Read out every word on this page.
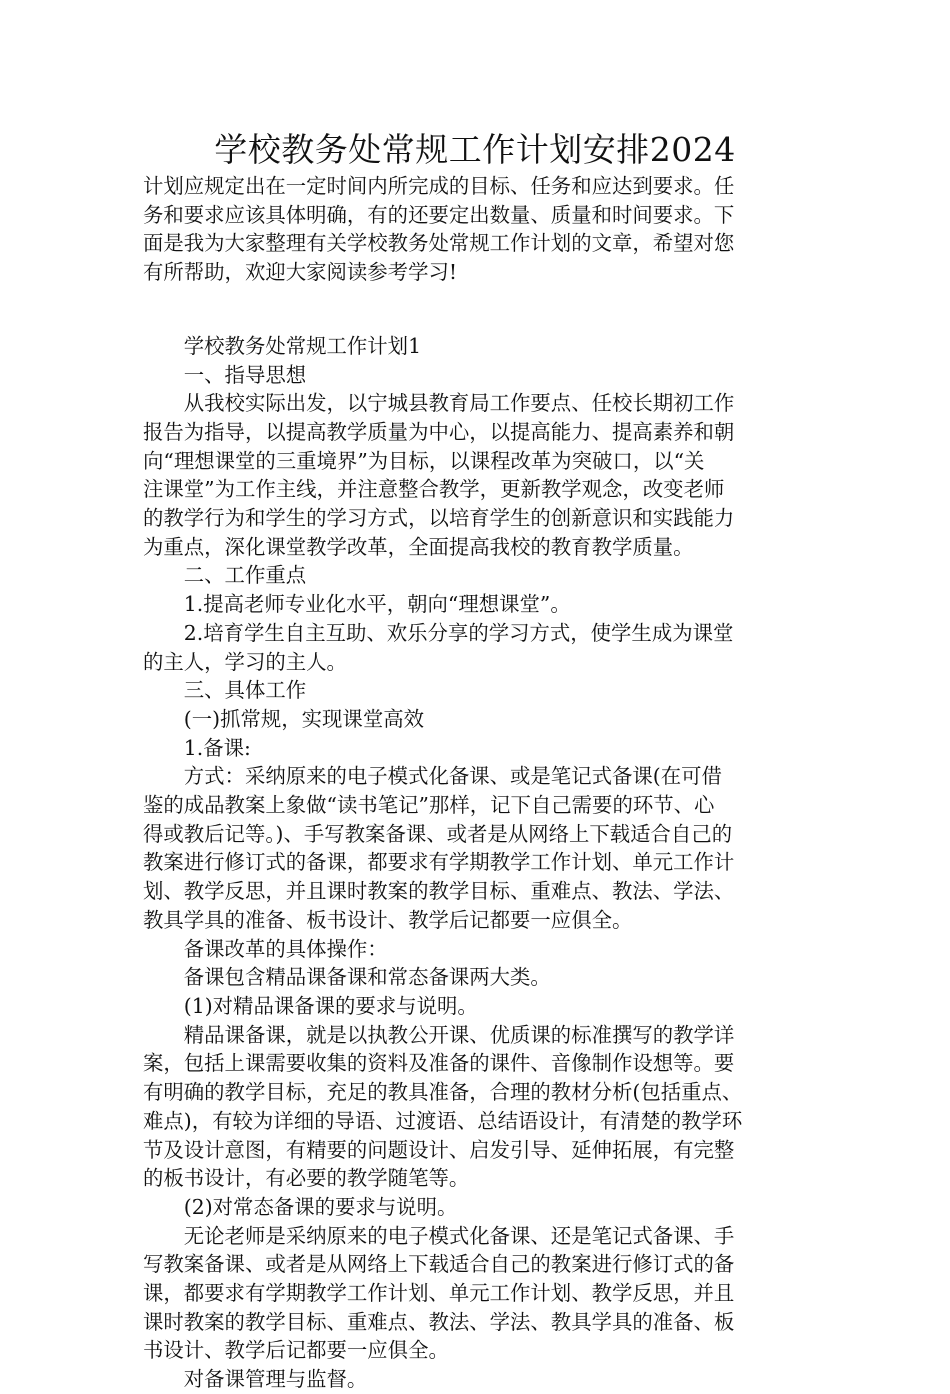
学校教务处常规工作计划安排2024
计划应规定出在一定时间内所完成的目标、任务和应达到要求。任
务和要求应该具体明确，有的还要定出数量、质量和时间要求。下
面是我为大家整理有关学校教务处常规工作计划的文章，希望对您
有所帮助，欢迎大家阅读参考学习!
　　学校教务处常规工作计划1
　　一、指导思想
　　从我校实际出发，以宁城县教育局工作要点、任校长期初工作
报告为指导，以提高教学质量为中心，以提高能力、提高素养和朝
向“理想课堂的三重境界”为目标，以课程改革为突破口，以“关
注课堂”为工作主线，并注意整合教学，更新教学观念，改变老师
的教学行为和学生的学习方式，以培育学生的创新意识和实践能力
为重点，深化课堂教学改革，全面提高我校的教育教学质量。
　　二、工作重点
　　1.提高老师专业化水平，朝向“理想课堂”。
　　2.培育学生自主互助、欢乐分享的学习方式，使学生成为课堂
的主人，学习的主人。
　　三、具体工作
　　(一)抓常规，实现课堂高效
　　1.备课:
　　方式：采纳原来的电子模式化备课、或是笔记式备课(在可借
鉴的成品教案上象做“读书笔记”那样，记下自己需要的环节、心
得或教后记等。)、手写教案备课、或者是从网络上下载适合自己的
教案进行修订式的备课，都要求有学期教学工作计划、单元工作计
划、教学反思，并且课时教案的教学目标、重难点、教法、学法、
教具学具的准备、板书设计、教学后记都要一应俱全。
　　备课改革的具体操作：
　　备课包含精品课备课和常态备课两大类。
　　(1)对精品课备课的要求与说明。
　　精品课备课，就是以执教公开课、优质课的标准撰写的教学详
案，包括上课需要收集的资料及准备的课件、音像制作设想等。要
有明确的教学目标，充足的教具准备，合理的教材分析(包括重点、
难点)，有较为详细的导语、过渡语、总结语设计，有清楚的教学环
节及设计意图，有精要的问题设计、启发引导、延伸拓展，有完整
的板书设计，有必要的教学随笔等。
　　(2)对常态备课的要求与说明。
　　无论老师是采纳原来的电子模式化备课、还是笔记式备课、手
写教案备课、或者是从网络上下载适合自己的教案进行修订式的备
课，都要求有学期教学工作计划、单元工作计划、教学反思，并且
课时教案的教学目标、重难点、教法、学法、教具学具的准备、板
书设计、教学后记都要一应俱全。
　　对备课管理与监督。
